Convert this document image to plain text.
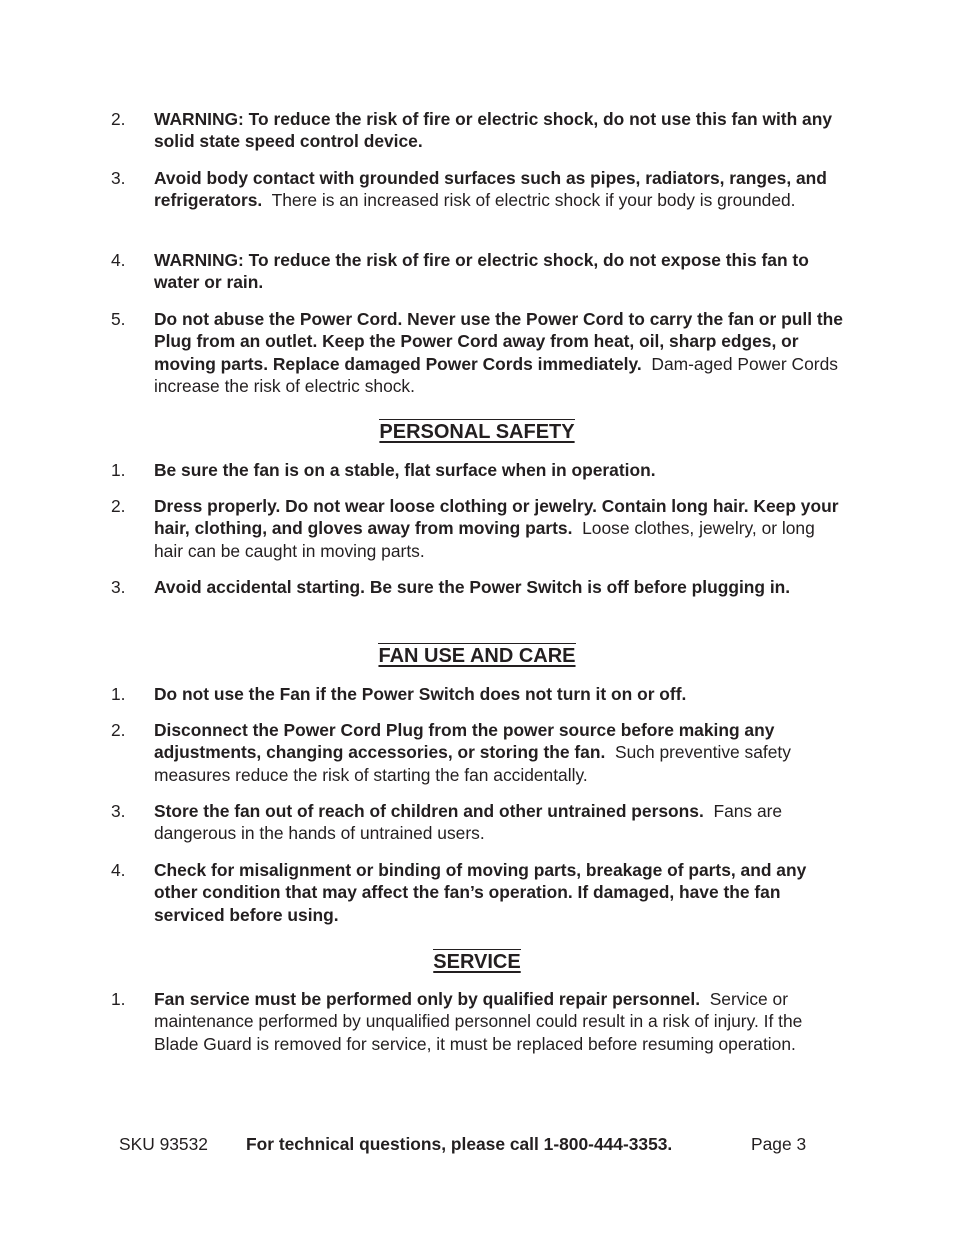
2. WARNING: To reduce the risk of fire or electric shock, do not use this fan with any solid state speed control device.
3. Avoid body contact with grounded surfaces such as pipes, radiators, ranges, and refrigerators. There is an increased risk of electric shock if your body is grounded.
4. WARNING: To reduce the risk of fire or electric shock, do not expose this fan to water or rain.
5. Do not abuse the Power Cord. Never use the Power Cord to carry the fan or pull the Plug from an outlet. Keep the Power Cord away from heat, oil, sharp edges, or moving parts. Replace damaged Power Cords immediately. Dam-aged Power Cords increase the risk of electric shock.
PERSONAL SAFETY
1. Be sure the fan is on a stable, flat surface when in operation.
2. Dress properly. Do not wear loose clothing or jewelry. Contain long hair. Keep your hair, clothing, and gloves away from moving parts. Loose clothes, jewelry, or long hair can be caught in moving parts.
3. Avoid accidental starting. Be sure the Power Switch is off before plugging in.
FAN USE AND CARE
1. Do not use the Fan if the Power Switch does not turn it on or off.
2. Disconnect the Power Cord Plug from the power source before making any adjustments, changing accessories, or storing the fan. Such preventive safety measures reduce the risk of starting the fan accidentally.
3. Store the fan out of reach of children and other untrained persons. Fans are dangerous in the hands of untrained users.
4. Check for misalignment or binding of moving parts, breakage of parts, and any other condition that may affect the fan’s operation. If damaged, have the fan serviced before using.
SERVICE
1. Fan service must be performed only by qualified repair personnel. Service or maintenance performed by unqualified personnel could result in a risk of injury. If the Blade Guard is removed for service, it must be replaced before resuming operation.
SKU 93532 For technical questions, please call 1-800-444-3353.	Page 3
